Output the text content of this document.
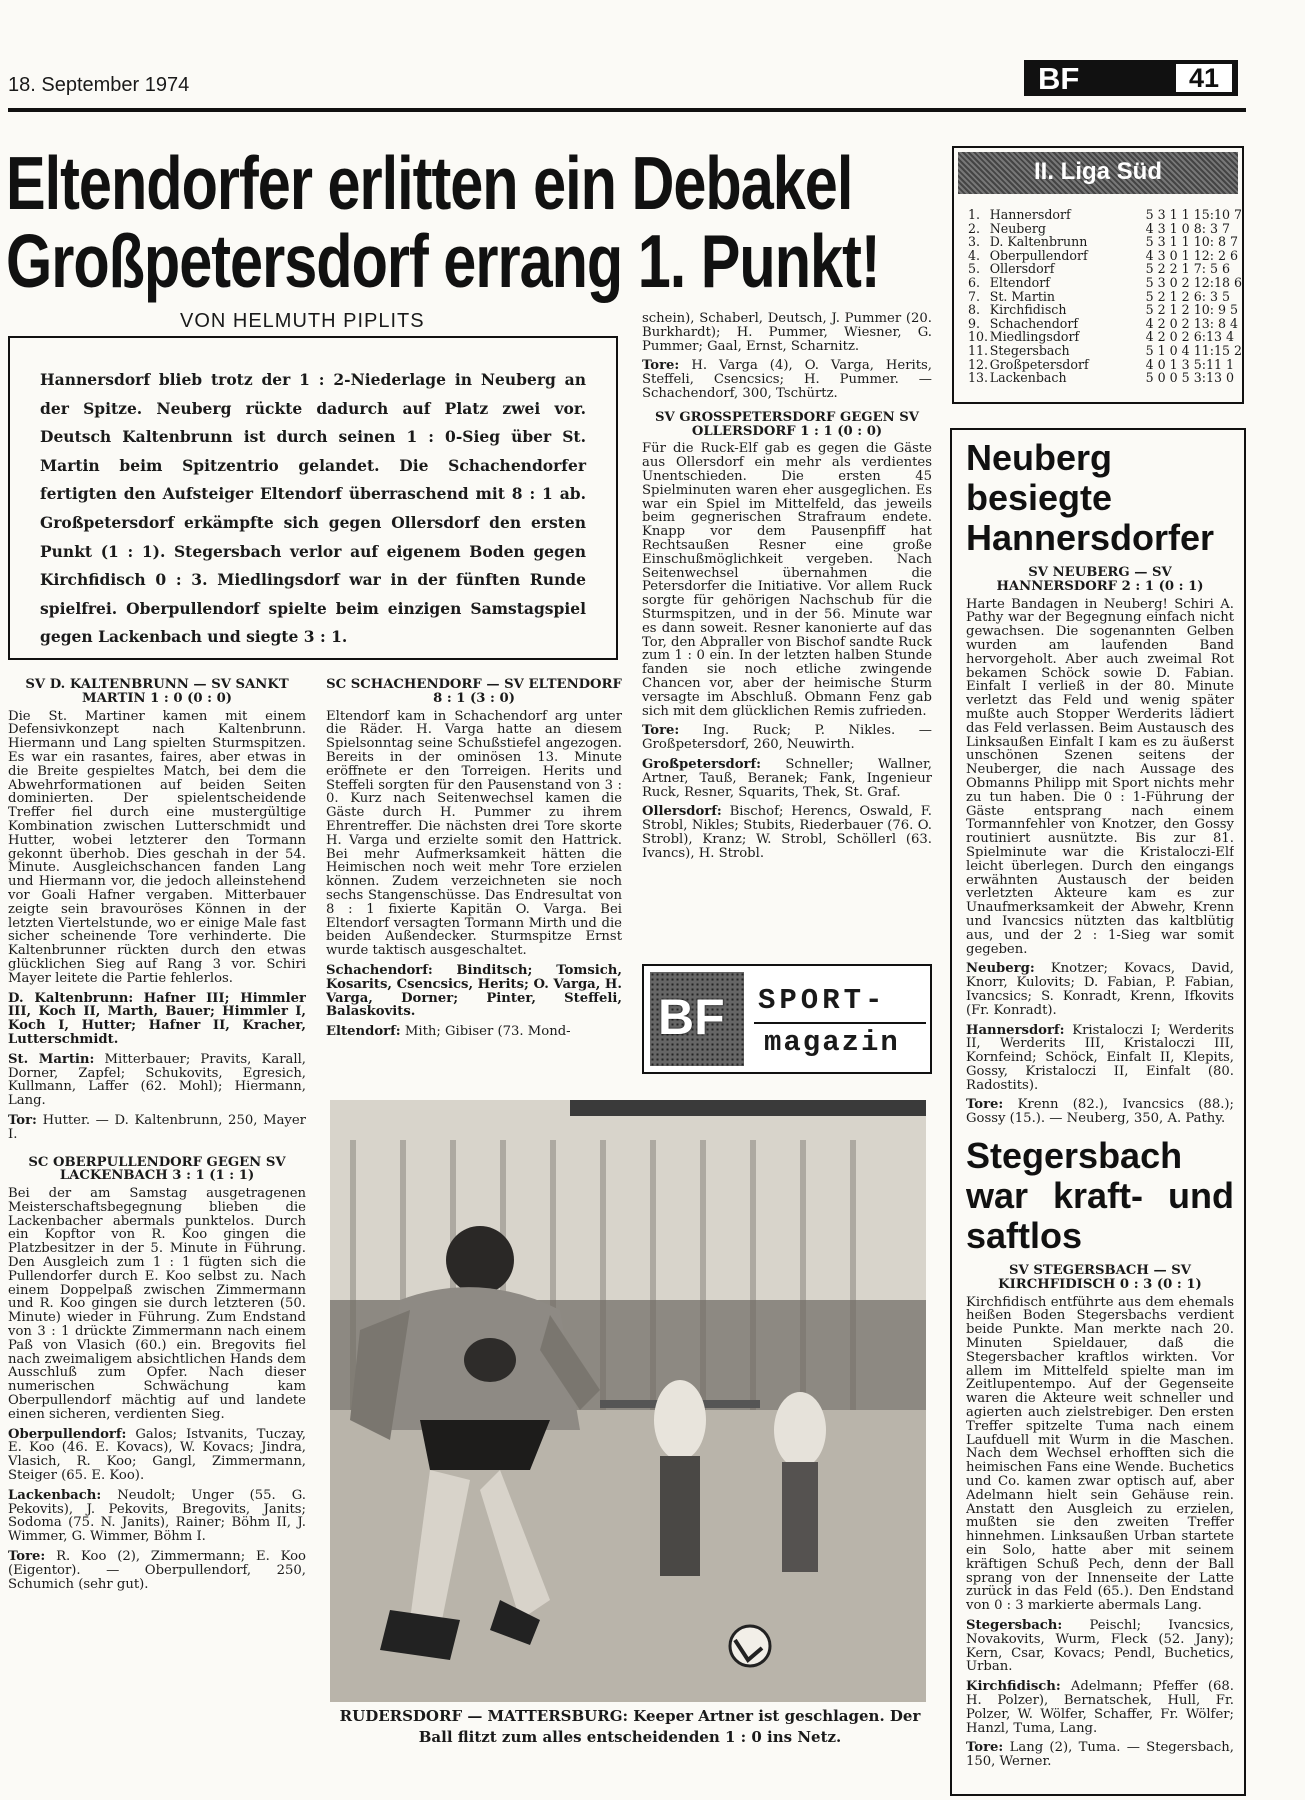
18. September 1974	BF	41
Eltendorfer erlitten ein Debakel
Großpetersdorf errang 1. Punkt!
VON HELMUTH PIPLITS

Hannersdorf blieb trotz der 1 : 2-Niederlage in Neuberg an der Spitze. Neuberg rückte dadurch auf Platz zwei vor. Deutsch Kaltenbrunn ist durch seinen 1 : 0-Sieg über St. Martin beim Spitzentrio gelandet. Die Schachendorfer fertigten den Aufsteiger Eltendorf überraschend mit 8 : 1 ab. Großpetersdorf erkämpfte sich gegen Ollersdorf den ersten Punkt (1 : 1). Stegersbach verlor auf eigenem Boden gegen Kirchfidisch 0 : 3. Miedlingsdorf war in der fünften Runde spielfrei. Oberpullendorf spielte beim einzigen Samstagspiel gegen Lackenbach und siegte 3 : 1.

SV D. KALTENBRUNN — SV SANKT MARTIN 1 : 0 (0 : 0)

Die St. Martiner kamen mit einem Defensivkonzept nach Kaltenbrunn. Hiermann und Lang spielten Sturmspitzen. Es war ein rasantes, faires, aber etwas in die Breite gespieltes Match, bei dem die Abwehrformationen auf beiden Seiten dominierten. Der spielentscheidende Treffer fiel durch eine mustergültige Kombination zwischen Lutterschmidt und Hutter, wobei letzterer den Tormann gekonnt überhob. Dies geschah in der 54. Minute. Ausgleichschancen fanden Lang und Hiermann vor, die jedoch alleinstehend vor Goali Hafner vergaben. Mitterbauer zeigte sein bravouröses Können in der letzten Viertelstunde, wo er einige Male fast sicher scheinende Tore verhinderte. Die Kaltenbrunner rückten durch den etwas glücklichen Sieg auf Rang 3 vor. Schiri Mayer leitete die Partie fehlerlos.

D. Kaltenbrunn: Hafner III; Himmler III, Koch II, Marth, Bauer; Himmler I, Koch I, Hutter; Hafner II, Kracher, Lutterschmidt.

St. Martin: Mitterbauer; Pravits, Karall, Dorner, Zapfel; Schukovits, Egresich, Kullmann, Laffer (62. Mohl); Hiermann, Lang.

Tor: Hutter. — D. Kaltenbrunn, 250, Mayer I.

SC OBERPULLENDORF GEGEN SV LACKENBACH 3 : 1 (1 : 1)

Bei der am Samstag ausgetragenen Meisterschaftsbegegnung blieben die Lackenbacher abermals punktelos. Durch ein Kopftor von R. Koo gingen die Platzbesitzer in der 5. Minute in Führung. Den Ausgleich zum 1 : 1 fügten sich die Pullendorfer durch E. Koo selbst zu. Nach einem Doppelpaß zwischen Zimmermann und R. Koo gingen sie durch letzteren (50. Minute) wieder in Führung. Zum Endstand von 3 : 1 drückte Zimmermann nach einem Paß von Vlasich (60.) ein. Bregovits fiel nach zweimaligem absichtlichen Hands dem Ausschluß zum Opfer. Nach dieser numerischen Schwächung kam Oberpullendorf mächtig auf und landete einen sicheren, verdienten Sieg.

Oberpullendorf: Galos; Istvanits, Tuczay, E. Koo (46. E. Kovacs), W. Kovacs; Jindra, Vlasich, R. Koo; Gangl, Zimmermann, Steiger (65. E. Koo).

Lackenbach: Neudolt; Unger (55. G. Pekovits), J. Pekovits, Bregovits, Janits; Sodoma (75. N. Janits), Rainer; Böhm II, J. Wimmer, G. Wimmer, Böhm I.

Tore: R. Koo (2), Zimmermann; E. Koo (Eigentor). — Oberpullendorf, 250, Schumich (sehr gut).

SC SCHACHENDORF — SV ELTENDORF 8 : 1 (3 : 0)

Eltendorf kam in Schachendorf arg unter die Räder. H. Varga hatte an diesem Spielsonntag seine Schußstiefel angezogen. Bereits in der ominösen 13. Minute eröffnete er den Torreigen. Herits und Steffeli sorgten für den Pausenstand von 3 : 0. Kurz nach Seitenwechsel kamen die Gäste durch H. Pummer zu ihrem Ehrentreffer. Die nächsten drei Tore skorte H. Varga und erzielte somit den Hattrick. Bei mehr Aufmerksamkeit hätten die Heimischen noch weit mehr Tore erzielen können. Zudem verzeichneten sie noch sechs Stangenschüsse. Das Endresultat von 8 : 1 fixierte Kapitän O. Varga. Bei Eltendorf versagten Tormann Mirth und die beiden Außendecker. Sturmspitze Ernst wurde taktisch ausgeschaltet.

Schachendorf: Binditsch; Tomsich, Kosarits, Csencsics, Herits; O. Varga, H. Varga, Dorner; Pinter, Steffeli, Balaskovits.

Eltendorf: Mith; Gibiser (73. Mond-

schein), Schaberl, Deutsch, J. Pummer (20. Burkhardt); H. Pummer, Wiesner, G. Pummer; Gaal, Ernst, Scharnitz.

Tore: H. Varga (4), O. Varga, Herits, Steffeli, Csencsics; H. Pummer. — Schachendorf, 300, Tschürtz.

SV GROSSPETERSDORF GEGEN SV OLLERSDORF 1 : 1 (0 : 0)

Für die Ruck-Elf gab es gegen die Gäste aus Ollersdorf ein mehr als verdientes Unentschieden. Die ersten 45 Spielminuten waren eher ausgeglichen. Es war ein Spiel im Mittelfeld, das jeweils beim gegnerischen Strafraum endete. Knapp vor dem Pausenpfiff hat Rechtsaußen Resner eine große Einschußmöglichkeit vergeben. Nach Seitenwechsel übernahmen die Petersdorfer die Initiative. Vor allem Ruck sorgte für gehörigen Nachschub für die Sturmspitzen, und in der 56. Minute war es dann soweit. Resner kanonierte auf das Tor, den Abpraller von Bischof sandte Ruck zum 1 : 0 ein. In der letzten halben Stunde fanden sie noch etliche zwingende Chancen vor, aber der heimische Sturm versagte im Abschluß. Obmann Fenz gab sich mit dem glücklichen Remis zufrieden.

Tore: Ing. Ruck; P. Nikles. — Großpetersdorf, 260, Neuwirth.

Großpetersdorf: Schneller; Wallner, Artner, Tauß, Beranek; Fank, Ingenieur Ruck, Resner, Squarits, Thek, St. Graf.

Ollersdorf: Bischof; Herencs, Oswald, F. Strobl, Nikles; Stubits, Riederbauer (76. O. Strobl), Kranz; W. Strobl, Schöllerl (63. Ivancs), H. Strobl.

BF SPORT-
magazin
RUDERSDORF — MATTERSBURG: Keeper Artner ist geschlagen. Der Ball flitzt zum alles entscheidenden 1 : 0 ins Netz.
II. Liga Süd
1.	Hannersdorf	5 3 1 1 15:10 7
2.	Neuberg	4 3 1 0 8: 3 7
3.	D. Kaltenbrunn	5 3 1 1 10: 8 7
4.	Oberpullendorf	4 3 0 1 12: 2 6
5.	Ollersdorf	5 2 2 1 7: 5 6
6.	Eltendorf	5 3 0 2 12:18 6
7.	St. Martin	5 2 1 2 6: 3 5
8.	Kirchfidisch	5 2 1 2 10: 9 5
9.	Schachendorf	4 2 0 2 13: 8 4
10.	Miedlingsdorf	4 2 0 2 6:13 4
11.	Stegersbach	5 1 0 4 11:15 2
12.	Großpetersdorf	4 0 1 3 5:11 1
13.	Lackenbach	5 0 0 5 3:13 0
Neuberg besiegte Hannersdorfer
SV NEUBERG — SV HANNERSDORF 2 : 1 (0 : 1)

Harte Bandagen in Neuberg! Schiri A. Pathy war der Begegnung einfach nicht gewachsen. Die sogenannten Gelben wurden am laufenden Band hervorgeholt. Aber auch zweimal Rot bekamen Schöck sowie D. Fabian. Einfalt I verließ in der 80. Minute verletzt das Feld und wenig später mußte auch Stopper Werderits lädiert das Feld verlassen. Beim Austausch des Linksaußen Einfalt I kam es zu äußerst unschönen Szenen seitens der Neuberger, die nach Aussage des Obmanns Philipp mit Sport nichts mehr zu tun haben. Die 0 : 1-Führung der Gäste entsprang nach einem Tormannfehler von Knotzer, den Gossy routiniert ausnützte. Bis zur 81. Spielminute war die Kristaloczi-Elf leicht überlegen. Durch den eingangs erwähnten Austausch der beiden verletzten Akteure kam es zur Unaufmerksamkeit der Abwehr, Krenn und Ivancsics nützten das kaltblütig aus, und der 2 : 1-Sieg war somit gegeben.

Neuberg: Knotzer; Kovacs, David, Knorr, Kulovits; D. Fabian, P. Fabian, Ivancsics; S. Konradt, Krenn, Ifkovits (Fr. Konradt).

Hannersdorf: Kristaloczi I; Werderits II, Werderits III, Kristaloczi III, Kornfeind; Schöck, Einfalt II, Klepits, Gossy, Kristaloczi II, Einfalt (80. Radostits).

Tore: Krenn (82.), Ivancsics (88.); Gossy (15.). — Neuberg, 350, A. Pathy.

Stegersbach war kraft- und saftlos
SV STEGERSBACH — SV KIRCHFIDISCH 0 : 3 (0 : 1)

Kirchfidisch entführte aus dem ehemals heißen Boden Stegersbachs verdient beide Punkte. Man merkte nach 20. Minuten Spieldauer, daß die Stegersbacher kraftlos wirkten. Vor allem im Mittelfeld spielte man im Zeitlupentempo. Auf der Gegenseite waren die Akteure weit schneller und agierten auch zielstrebiger. Den ersten Treffer spitzelte Tuma nach einem Laufduell mit Wurm in die Maschen. Nach dem Wechsel erhofften sich die heimischen Fans eine Wende. Buchetics und Co. kamen zwar optisch auf, aber Adelmann hielt sein Gehäuse rein. Anstatt den Ausgleich zu erzielen, mußten sie den zweiten Treffer hinnehmen. Linksaußen Urban startete ein Solo, hatte aber mit seinem kräftigen Schuß Pech, denn der Ball sprang von der Innenseite der Latte zurück in das Feld (65.). Den Endstand von 0 : 3 markierte abermals Lang.

Stegersbach: Peischl; Ivancsics, Novakovits, Wurm, Fleck (52. Jany); Kern, Csar, Kovacs; Pendl, Buchetics, Urban.

Kirchfidisch: Adelmann; Pfeffer (68. H. Polzer), Bernatschek, Hull, Fr. Polzer, W. Wölfer, Schaffer, Fr. Wölfer; Hanzl, Tuma, Lang.

Tore: Lang (2), Tuma. — Stegersbach, 150, Werner.
